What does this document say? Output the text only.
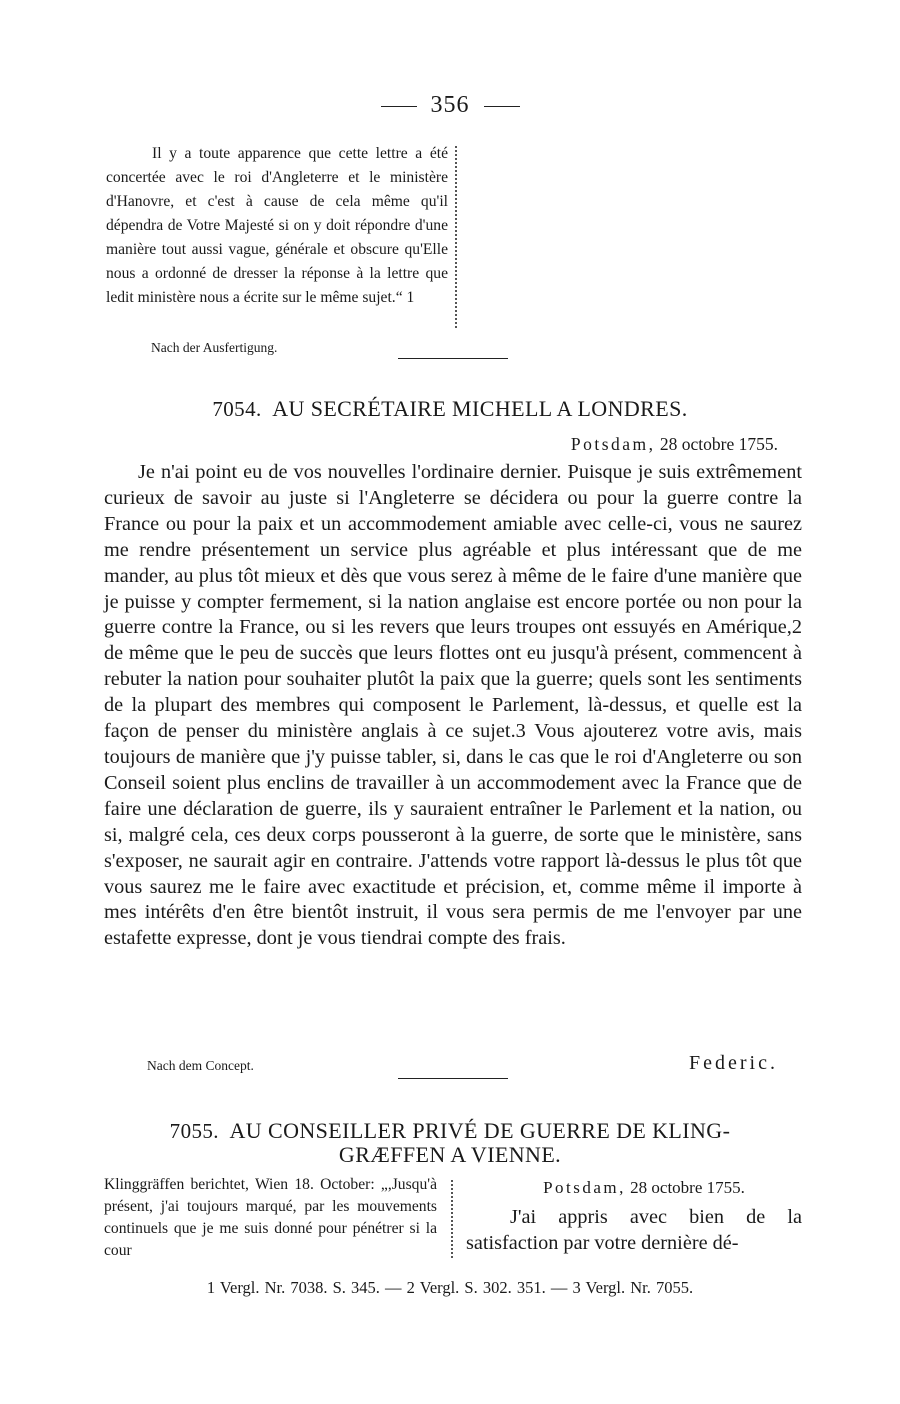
356

Il y a toute apparence que cette lettre a été concertée avec le roi d'Angleterre et le ministère d'Hanovre, et c'est à cause de cela même qu'il dépendra de Votre Majesté si on y doit répondre d'une manière tout aussi vague, générale et obscure qu'Elle nous a ordonné de dresser la réponse à la lettre que ledit ministère nous a écrite sur le même sujet.“ 1

Nach der Ausfertigung.
7054. AU SECRÉTAIRE MICHELL A LONDRES.
Potsdam, 28 octobre 1755.

Je n'ai point eu de vos nouvelles l'ordinaire dernier. Puisque je suis extrêmement curieux de savoir au juste si l'Angleterre se décidera ou pour la guerre contre la France ou pour la paix et un accommodement amiable avec celle-ci, vous ne saurez me rendre présentement un service plus agréable et plus intéressant que de me mander, au plus tôt mieux et dès que vous serez à même de le faire d'une manière que je puisse y compter fermement, si la nation anglaise est encore portée ou non pour la guerre contre la France, ou si les revers que leurs troupes ont essuyés en Amérique,2 de même que le peu de succès que leurs flottes ont eu jusqu'à présent, commencent à rebuter la nation pour souhaiter plutôt la paix que la guerre; quels sont les sentiments de la plupart des membres qui composent le Parlement, là-dessus, et quelle est la façon de penser du ministère anglais à ce sujet.3 Vous ajouterez votre avis, mais toujours de manière que j'y puisse tabler, si, dans le cas que le roi d'Angleterre ou son Conseil soient plus enclins de travailler à un accommodement avec la France que de faire une déclaration de guerre, ils y sauraient entraîner le Parlement et la nation, ou si, malgré cela, ces deux corps pousseront à la guerre, de sorte que le ministère, sans s'exposer, ne saurait agir en contraire. J'attends votre rapport là-dessus le plus tôt que vous saurez me le faire avec exactitude et précision, et, comme même il importe à mes intérêts d'en être bientôt instruit, il vous sera permis de me l'envoyer par une estafette expresse, dont je vous tiendrai compte des frais.

Nach dem Concept.	Federic.
7055. AU CONSEILLER PRIVÉ DE GUERRE DE KLING-
GRÆFFEN A VIENNE.

Klinggräffen berichtet, Wien 18. October: „,Jusqu'à présent, j'ai toujours marqué, par les mouvements continuels que je me suis donné pour pénétrer si la cour

Potsdam, 28 octobre 1755.

J'ai appris avec bien de la satisfaction par votre dernière dé-

1 Vergl. Nr. 7038. S. 345. — 2 Vergl. S. 302. 351. — 3 Vergl. Nr. 7055.
